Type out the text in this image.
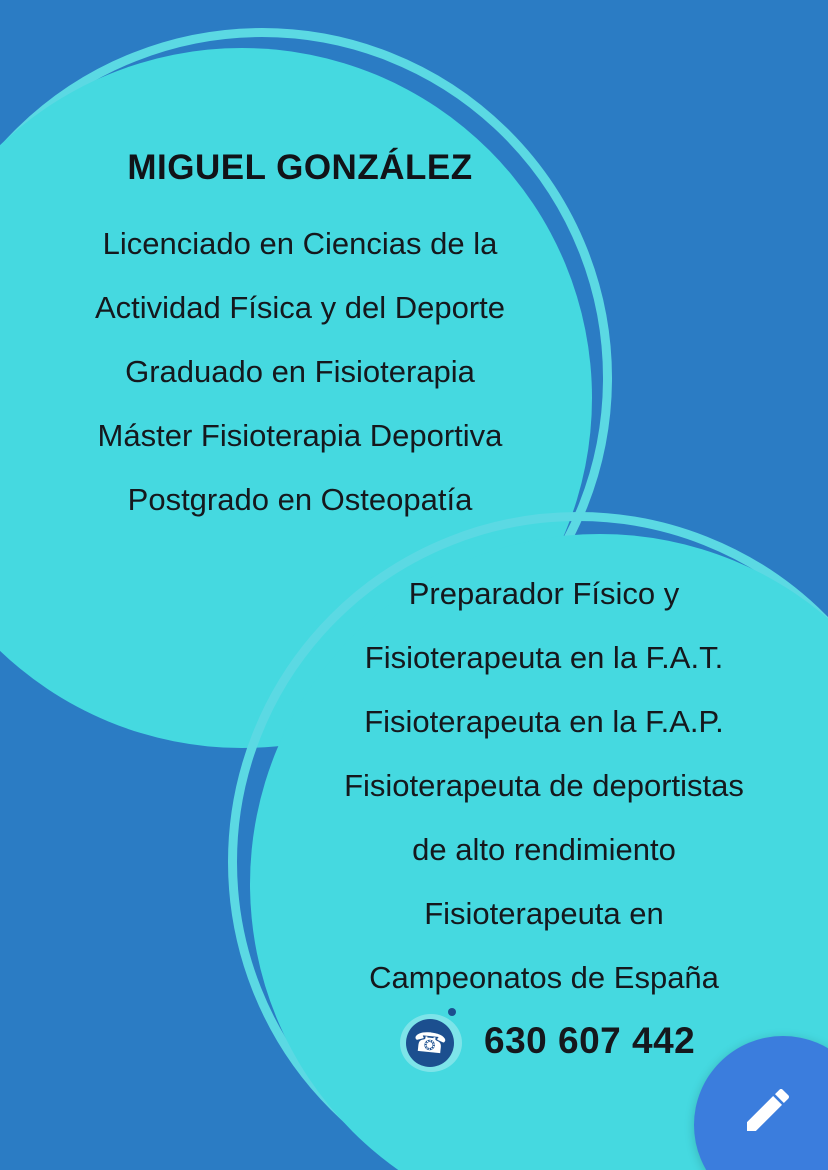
MIGUEL GONZÁLEZ
Licenciado en Ciencias de la
Actividad Física y del Deporte
Graduado en Fisioterapia
Máster Fisioterapia Deportiva
Postgrado en Osteopatía
Preparador Físico y
Fisioterapeuta en la F.A.T.
Fisioterapeuta en la F.A.P.
Fisioterapeuta de deportistas
de alto rendimiento
Fisioterapeuta en
Campeonatos de España
☎ 630 607 442
